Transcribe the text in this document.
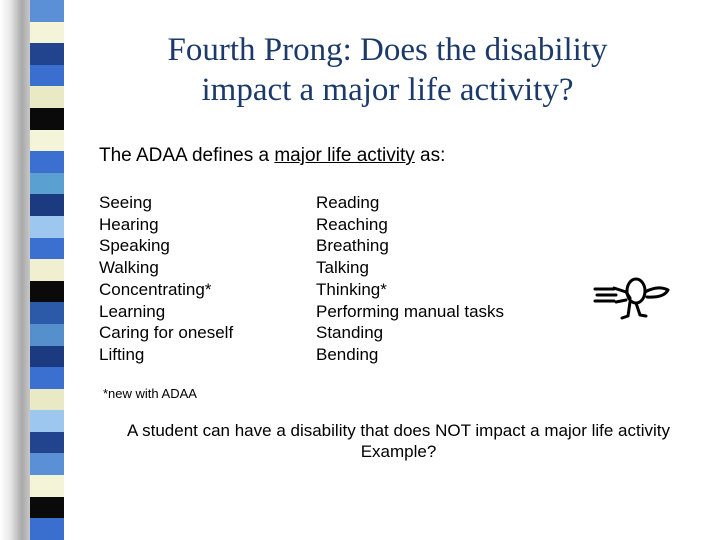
Fourth Prong: Does the disability
impact a major life activity?
The ADAA defines a major life activity as:
Seeing
Hearing
Speaking
Walking
Concentrating*
Learning
Caring for oneself
Lifting
Reading
Reaching
Breathing
Talking
Thinking*
Performing manual tasks
Standing
Bending
*new with ADAA
A student can have a disability that does NOT impact a major life activity
Example?
